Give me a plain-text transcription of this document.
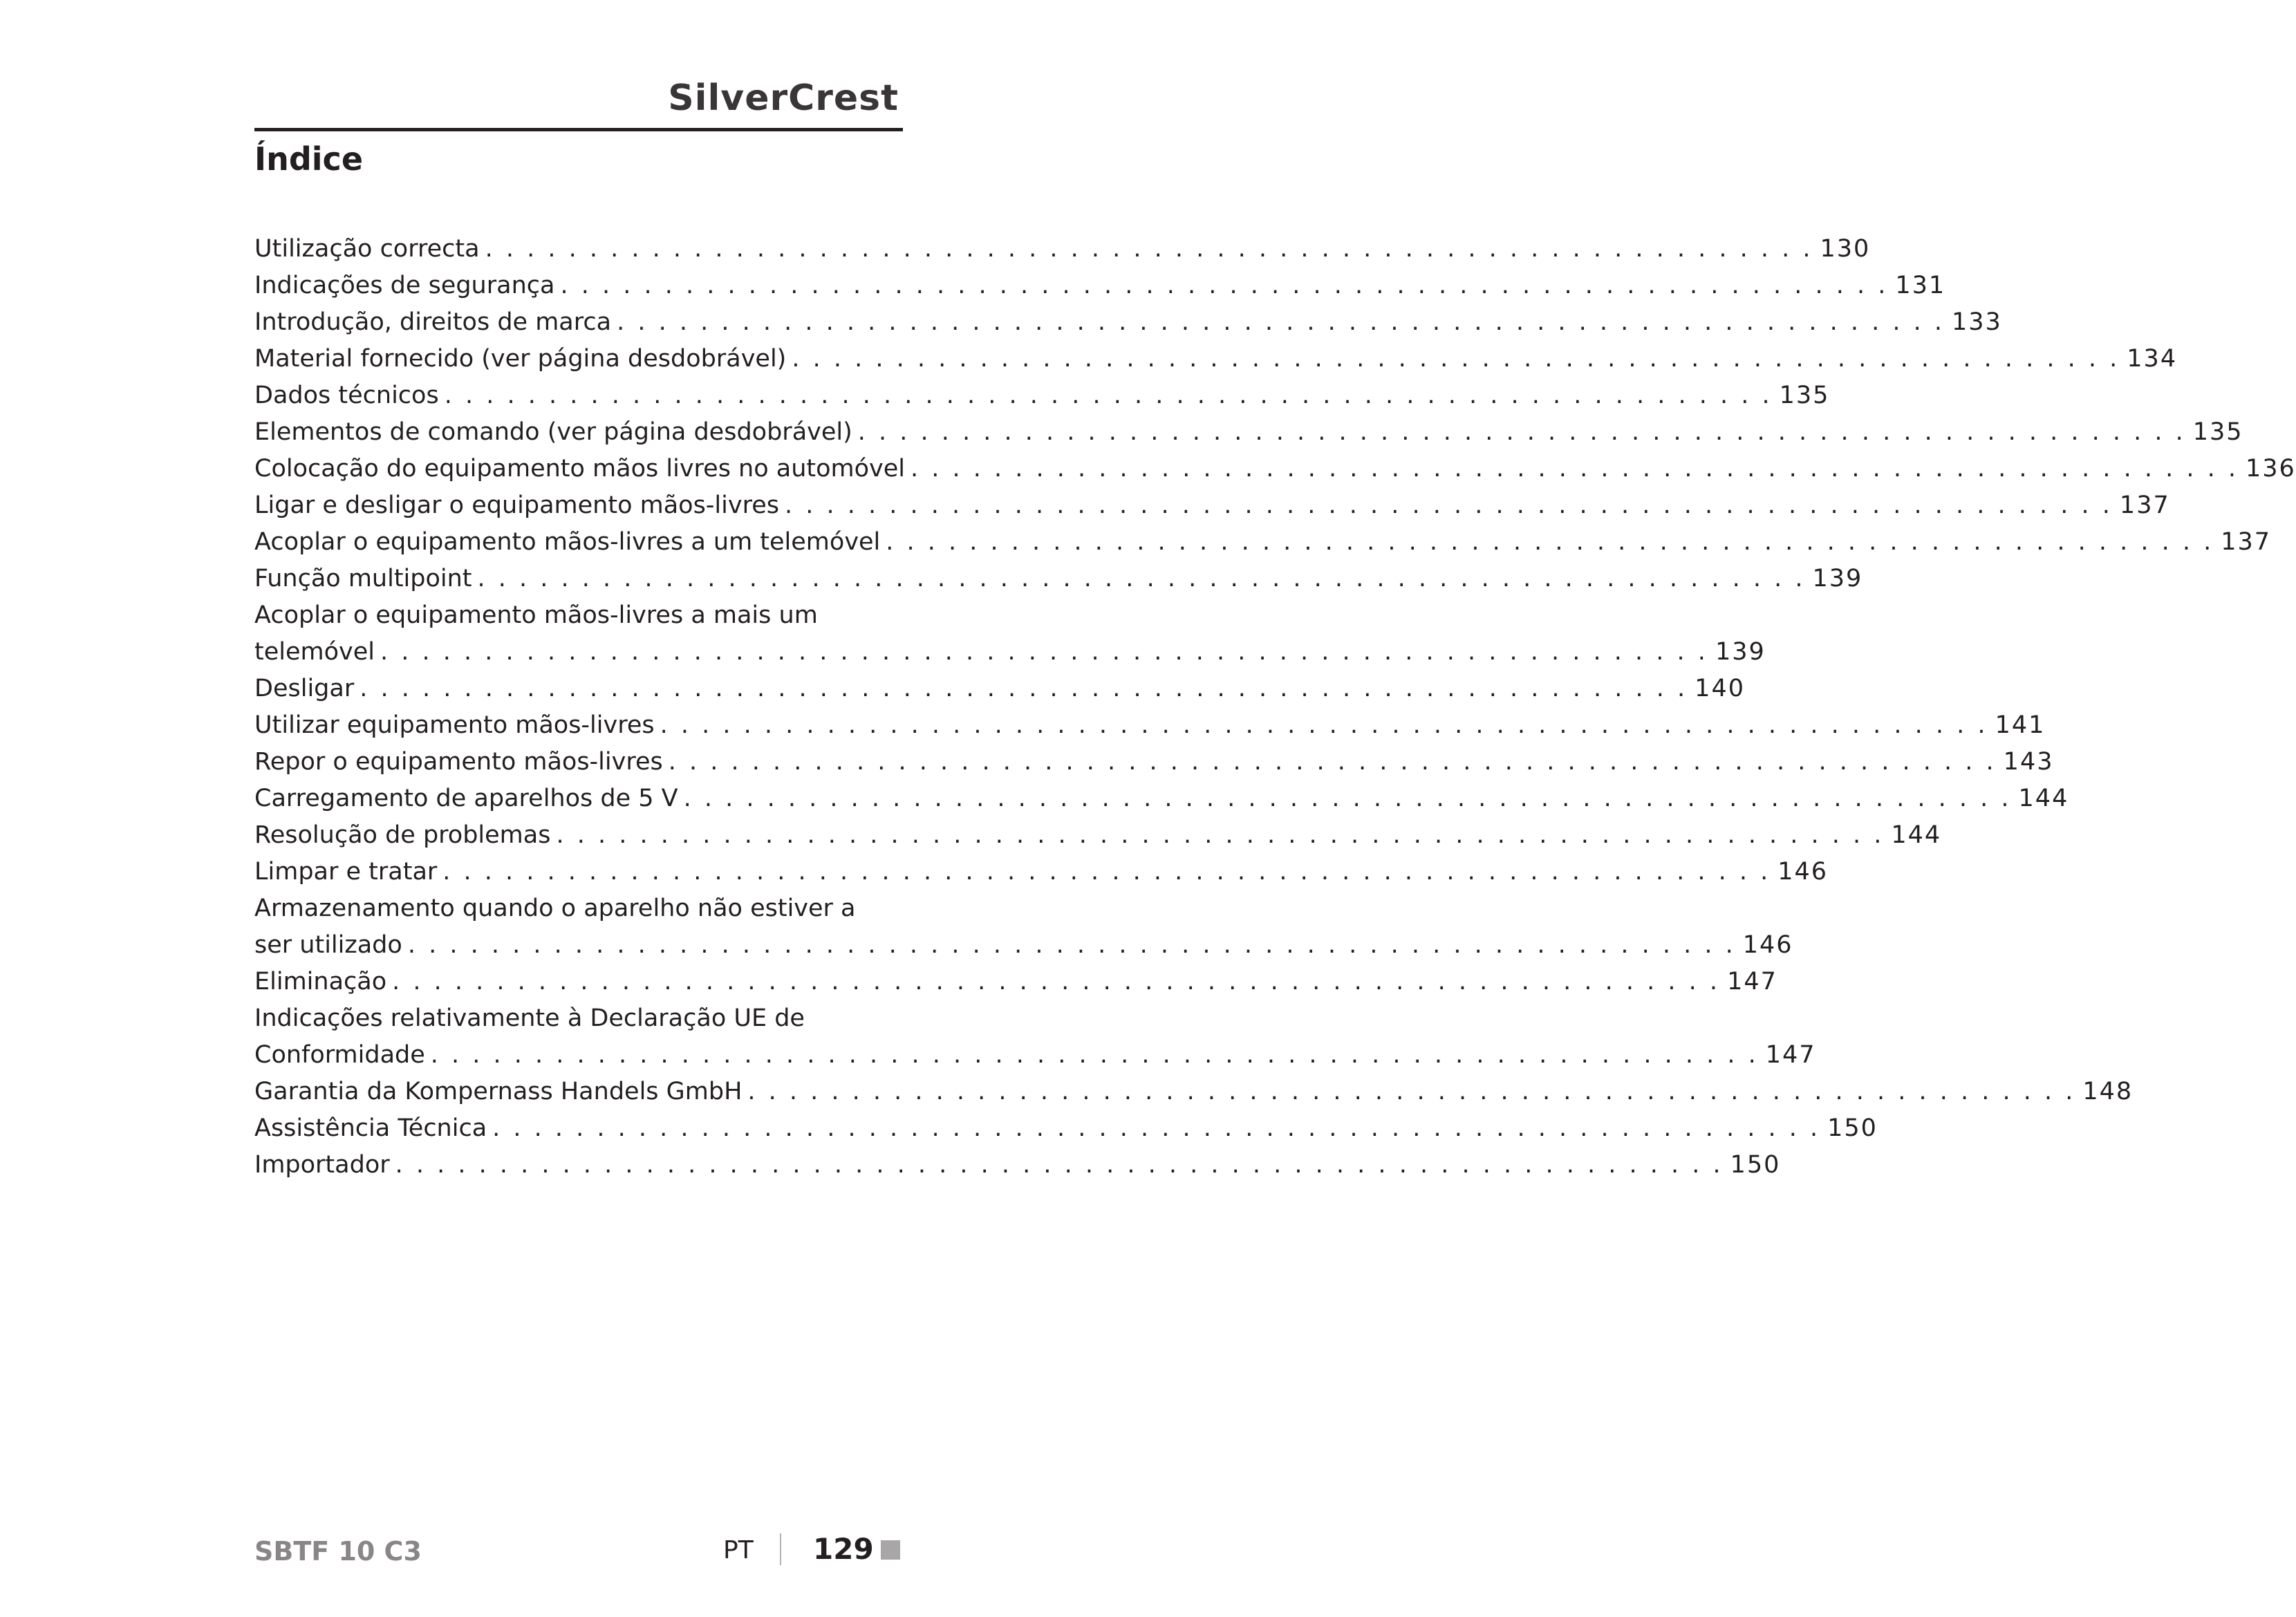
SilverCrest
Índice
Utilização correcta . . . . . . . . . . . . . . . . . . . . . . . . . . . . . . . . . . . . . . . . . . . . . . . . . . . . . . . . . . . . . . . . 130
Indicações de segurança . . . . . . . . . . . . . . . . . . . . . . . . . . . . . . . . . . . . . . . . . . . . . . . . . . . . . . . . . . . . . . . . 131
Introdução, direitos de marca . . . . . . . . . . . . . . . . . . . . . . . . . . . . . . . . . . . . . . . . . . . . . . . . . . . . . . . . . . . . . . . . 133
Material fornecido (ver página desdobrável) . . . . . . . . . . . . . . . . . . . . . . . . . . . . . . . . . . . . . . . . . . . . . . . . . . . . . . . . . . . . . . . . 134
Dados técnicos . . . . . . . . . . . . . . . . . . . . . . . . . . . . . . . . . . . . . . . . . . . . . . . . . . . . . . . . . . . . . . . . 135
Elementos de comando (ver página desdobrável) . . . . . . . . . . . . . . . . . . . . . . . . . . . . . . . . . . . . . . . . . . . . . . . . . . . . . . . . . . . . . . . . 135
Colocação do equipamento mãos livres no automóvel . . . . . . . . . . . . . . . . . . . . . . . . . . . . . . . . . . . . . . . . . . . . . . . . . . . . . . . . . . . . . . . . 136
Ligar e desligar o equipamento mãos-livres . . . . . . . . . . . . . . . . . . . . . . . . . . . . . . . . . . . . . . . . . . . . . . . . . . . . . . . . . . . . . . . . 137
Acoplar o equipamento mãos-livres a um telemóvel . . . . . . . . . . . . . . . . . . . . . . . . . . . . . . . . . . . . . . . . . . . . . . . . . . . . . . . . . . . . . . . . 137
Função multipoint . . . . . . . . . . . . . . . . . . . . . . . . . . . . . . . . . . . . . . . . . . . . . . . . . . . . . . . . . . . . . . . . 139
Acoplar o equipamento mãos-livres a mais um
telemóvel . . . . . . . . . . . . . . . . . . . . . . . . . . . . . . . . . . . . . . . . . . . . . . . . . . . . . . . . . . . . . . . . 139
Desligar . . . . . . . . . . . . . . . . . . . . . . . . . . . . . . . . . . . . . . . . . . . . . . . . . . . . . . . . . . . . . . . . 140
Utilizar equipamento mãos-livres . . . . . . . . . . . . . . . . . . . . . . . . . . . . . . . . . . . . . . . . . . . . . . . . . . . . . . . . . . . . . . . . 141
Repor o equipamento mãos-livres . . . . . . . . . . . . . . . . . . . . . . . . . . . . . . . . . . . . . . . . . . . . . . . . . . . . . . . . . . . . . . . . 143
Carregamento de aparelhos de 5 V . . . . . . . . . . . . . . . . . . . . . . . . . . . . . . . . . . . . . . . . . . . . . . . . . . . . . . . . . . . . . . . . 144
Resolução de problemas . . . . . . . . . . . . . . . . . . . . . . . . . . . . . . . . . . . . . . . . . . . . . . . . . . . . . . . . . . . . . . . . 144
Limpar e tratar . . . . . . . . . . . . . . . . . . . . . . . . . . . . . . . . . . . . . . . . . . . . . . . . . . . . . . . . . . . . . . . . 146
Armazenamento quando o aparelho não estiver a
ser utilizado . . . . . . . . . . . . . . . . . . . . . . . . . . . . . . . . . . . . . . . . . . . . . . . . . . . . . . . . . . . . . . . . 146
Eliminação . . . . . . . . . . . . . . . . . . . . . . . . . . . . . . . . . . . . . . . . . . . . . . . . . . . . . . . . . . . . . . . . 147
Indicações relativamente à Declaração UE de
Conformidade . . . . . . . . . . . . . . . . . . . . . . . . . . . . . . . . . . . . . . . . . . . . . . . . . . . . . . . . . . . . . . . . 147
Garantia da Kompernass Handels GmbH . . . . . . . . . . . . . . . . . . . . . . . . . . . . . . . . . . . . . . . . . . . . . . . . . . . . . . . . . . . . . . . . 148
Assistência Técnica . . . . . . . . . . . . . . . . . . . . . . . . . . . . . . . . . . . . . . . . . . . . . . . . . . . . . . . . . . . . . . . . 150
Importador . . . . . . . . . . . . . . . . . . . . . . . . . . . . . . . . . . . . . . . . . . . . . . . . . . . . . . . . . . . . . . . . 150
SBTF 10 C3	PT 129
